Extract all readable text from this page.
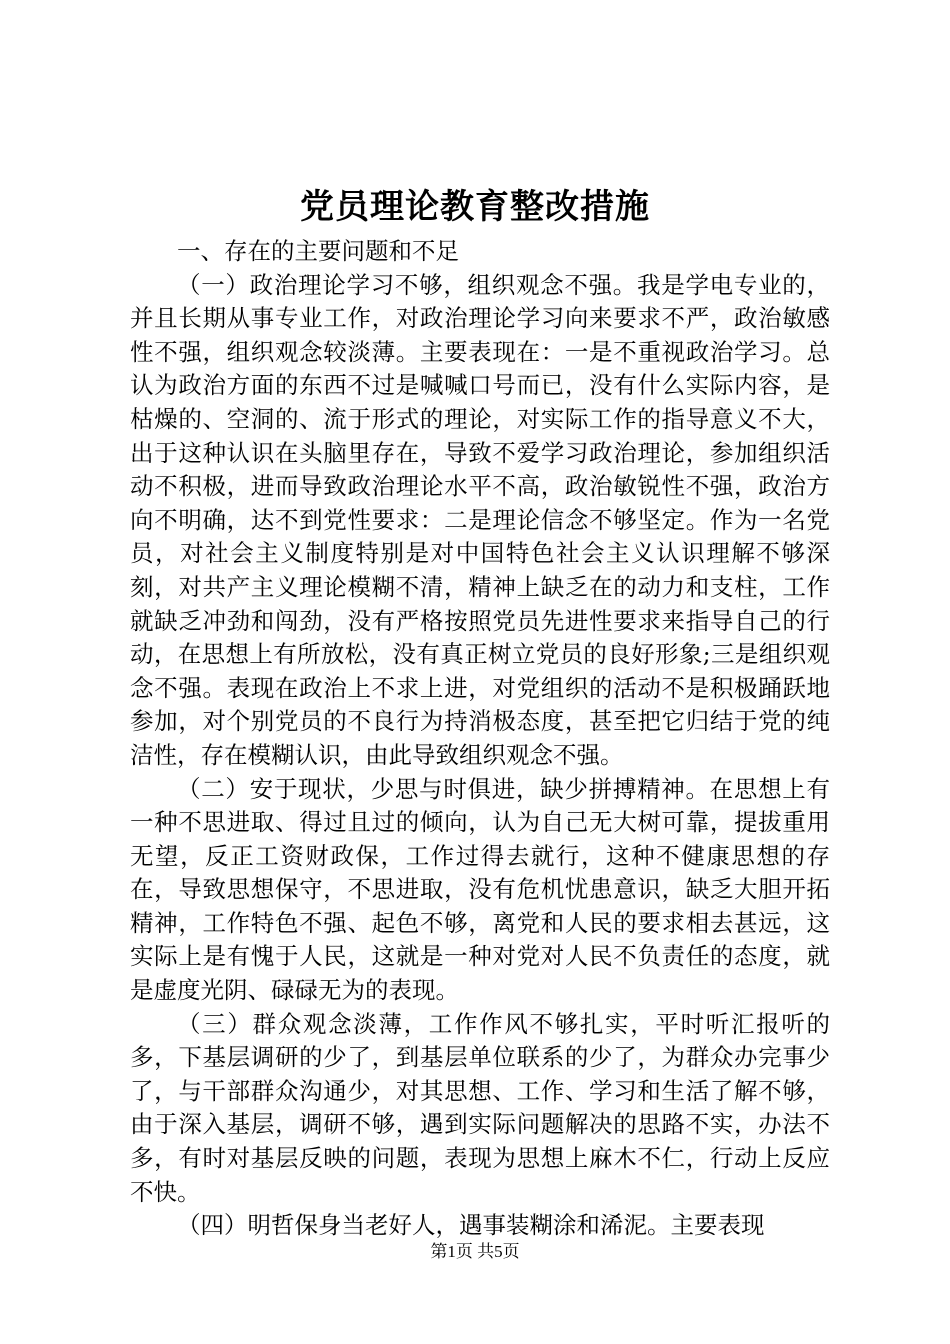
党员理论教育整改措施

一、存在的主要问题和不足

（一）政治理论学习不够，组织观念不强。我是学电专业的，并且长期从事专业工作，对政治理论学习向来要求不严，政治敏感性不强，组织观念较淡薄。主要表现在：一是不重视政治学习。总认为政治方面的东西不过是喊喊口号而已，没有什么实际内容，是枯燥的、空洞的、流于形式的理论，对实际工作的指导意义不大，出于这种认识在头脑里存在，导致不爱学习政治理论，参加组织活动不积极，进而导致政治理论水平不高，政治敏锐性不强，政治方向不明确，达不到党性要求：二是理论信念不够坚定。作为一名党员，对社会主义制度特别是对中国特色社会主义认识理解不够深刻，对共产主义理论模糊不清，精神上缺乏在的动力和支柱，工作就缺乏冲劲和闯劲，没有严格按照党员先进性要求来指导自己的行动，在思想上有所放松，没有真正树立党员的良好形象;三是组织观念不强。表现在政治上不求上进，对党组织的活动不是积极踊跃地参加，对个别党员的不良行为持消极态度，甚至把它归结于党的纯洁性，存在模糊认识，由此导致组织观念不强。

（二）安于现状，少思与时俱进，缺少拼搏精神。在思想上有一种不思进取、得过且过的倾向，认为自己无大树可靠，提拔重用无望，反正工资财政保，工作过得去就行，这种不健康思想的存在，导致思想保守，不思进取，没有危机忧患意识，缺乏大胆开拓精神，工作特色不强、起色不够，离党和人民的要求相去甚远，这实际上是有愧于人民，这就是一种对党对人民不负责任的态度，就是虚度光阴、碌碌无为的表现。

（三）群众观念淡薄，工作作风不够扎实，平时听汇报听的多，下基层调研的少了，到基层单位联系的少了，为群众办完事少了，与干部群众沟通少，对其思想、工作、学习和生活了解不够，由于深入基层，调研不够，遇到实际问题解决的思路不实，办法不多，有时对基层反映的问题，表现为思想上麻木不仁，行动上反应不快。

（四）明哲保身当老好人，遇事装糊涂和浠泥。主要表现

第1页 共5页
